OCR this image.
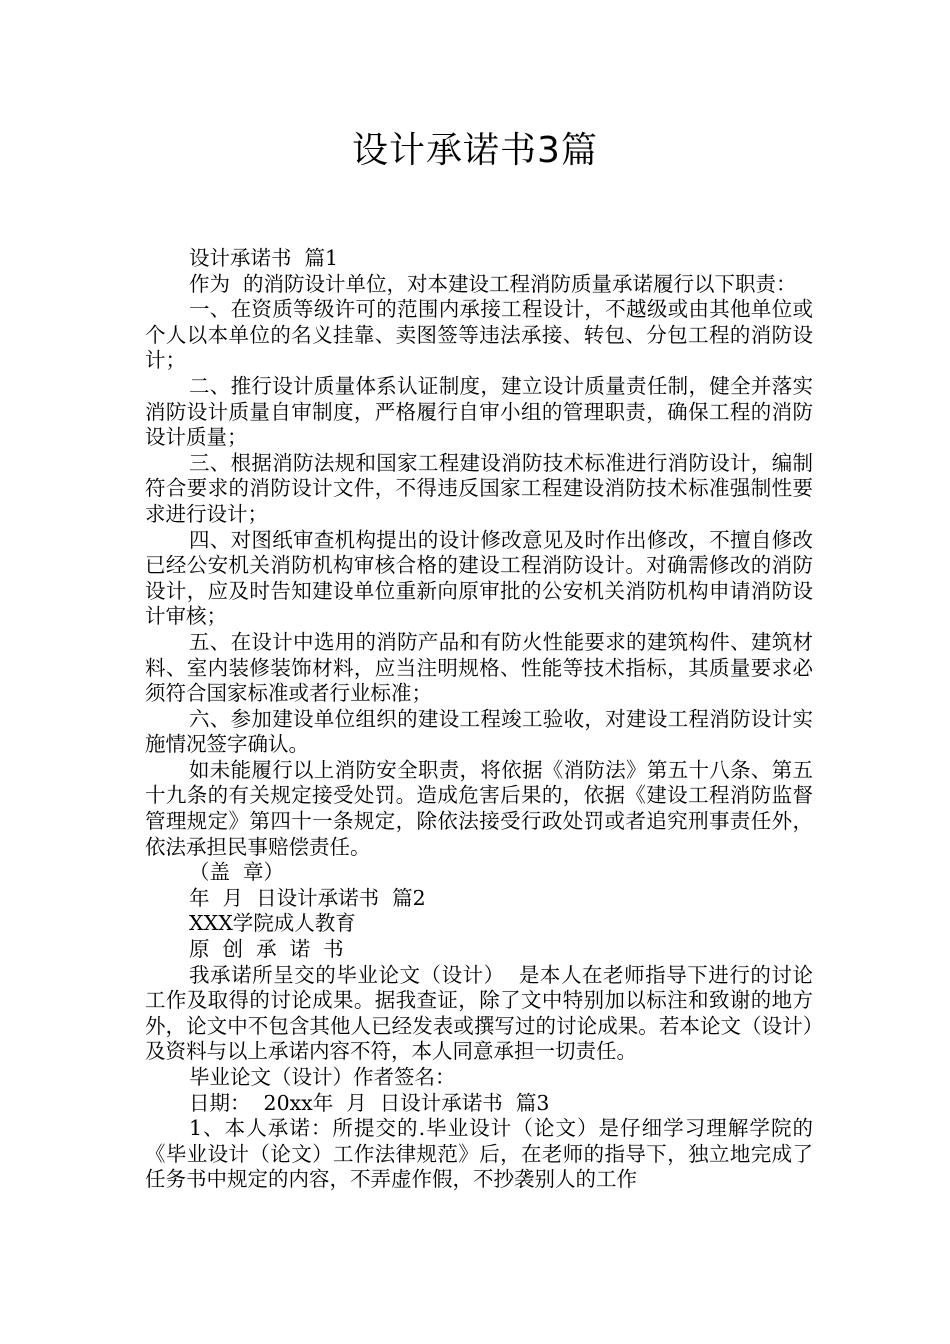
设计承诺书3篇

设计承诺书  篇1

作为  的消防设计单位，对本建设工程消防质量承诺履行以下职责：

一、在资质等级许可的范围内承接工程设计，不越级或由其他单位或个人以本单位的名义挂靠、卖图签等违法承接、转包、分包工程的消防设计；

二、推行设计质量体系认证制度，建立设计质量责任制，健全并落实消防设计质量自审制度，严格履行自审小组的管理职责，确保工程的消防设计质量；

三、根据消防法规和国家工程建设消防技术标准进行消防设计，编制符合要求的消防设计文件，不得违反国家工程建设消防技术标准强制性要求进行设计；

四、对图纸审查机构提出的设计修改意见及时作出修改，不擅自修改已经公安机关消防机构审核合格的建设工程消防设计。对确需修改的消防设计，应及时告知建设单位重新向原审批的公安机关消防机构申请消防设计审核；

五、在设计中选用的消防产品和有防火性能要求的建筑构件、建筑材料、室内装修装饰材料，应当注明规格、性能等技术指标，其质量要求必须符合国家标准或者行业标准；

六、参加建设单位组织的建设工程竣工验收，对建设工程消防设计实施情况签字确认。

如未能履行以上消防安全职责，将依据《消防法》第五十八条、第五十九条的有关规定接受处罚。造成危害后果的，依据《建设工程消防监督管理规定》第四十一条规定，除依法接受行政处罚或者追究刑事责任外，依法承担民事赔偿责任。

（盖  章）

年  月  日设计承诺书  篇2

XXX学院成人教育

原  创  承  诺  书

我承诺所呈交的毕业论文（设计）  是本人在老师指导下进行的讨论工作及取得的讨论成果。据我查证，除了文中特别加以标注和致谢的地方外，论文中不包含其他人已经发表或撰写过的讨论成果。若本论文（设计）及资料与以上承诺内容不符，本人同意承担一切责任。

毕业论文（设计）作者签名：

日期：  20xx年  月  日设计承诺书  篇3

1、本人承诺：所提交的.毕业设计（论文）是仔细学习理解学院的《毕业设计（论文）工作法律规范》后，在老师的指导下，独立地完成了任务书中规定的内容，不弄虚作假，不抄袭别人的工作
